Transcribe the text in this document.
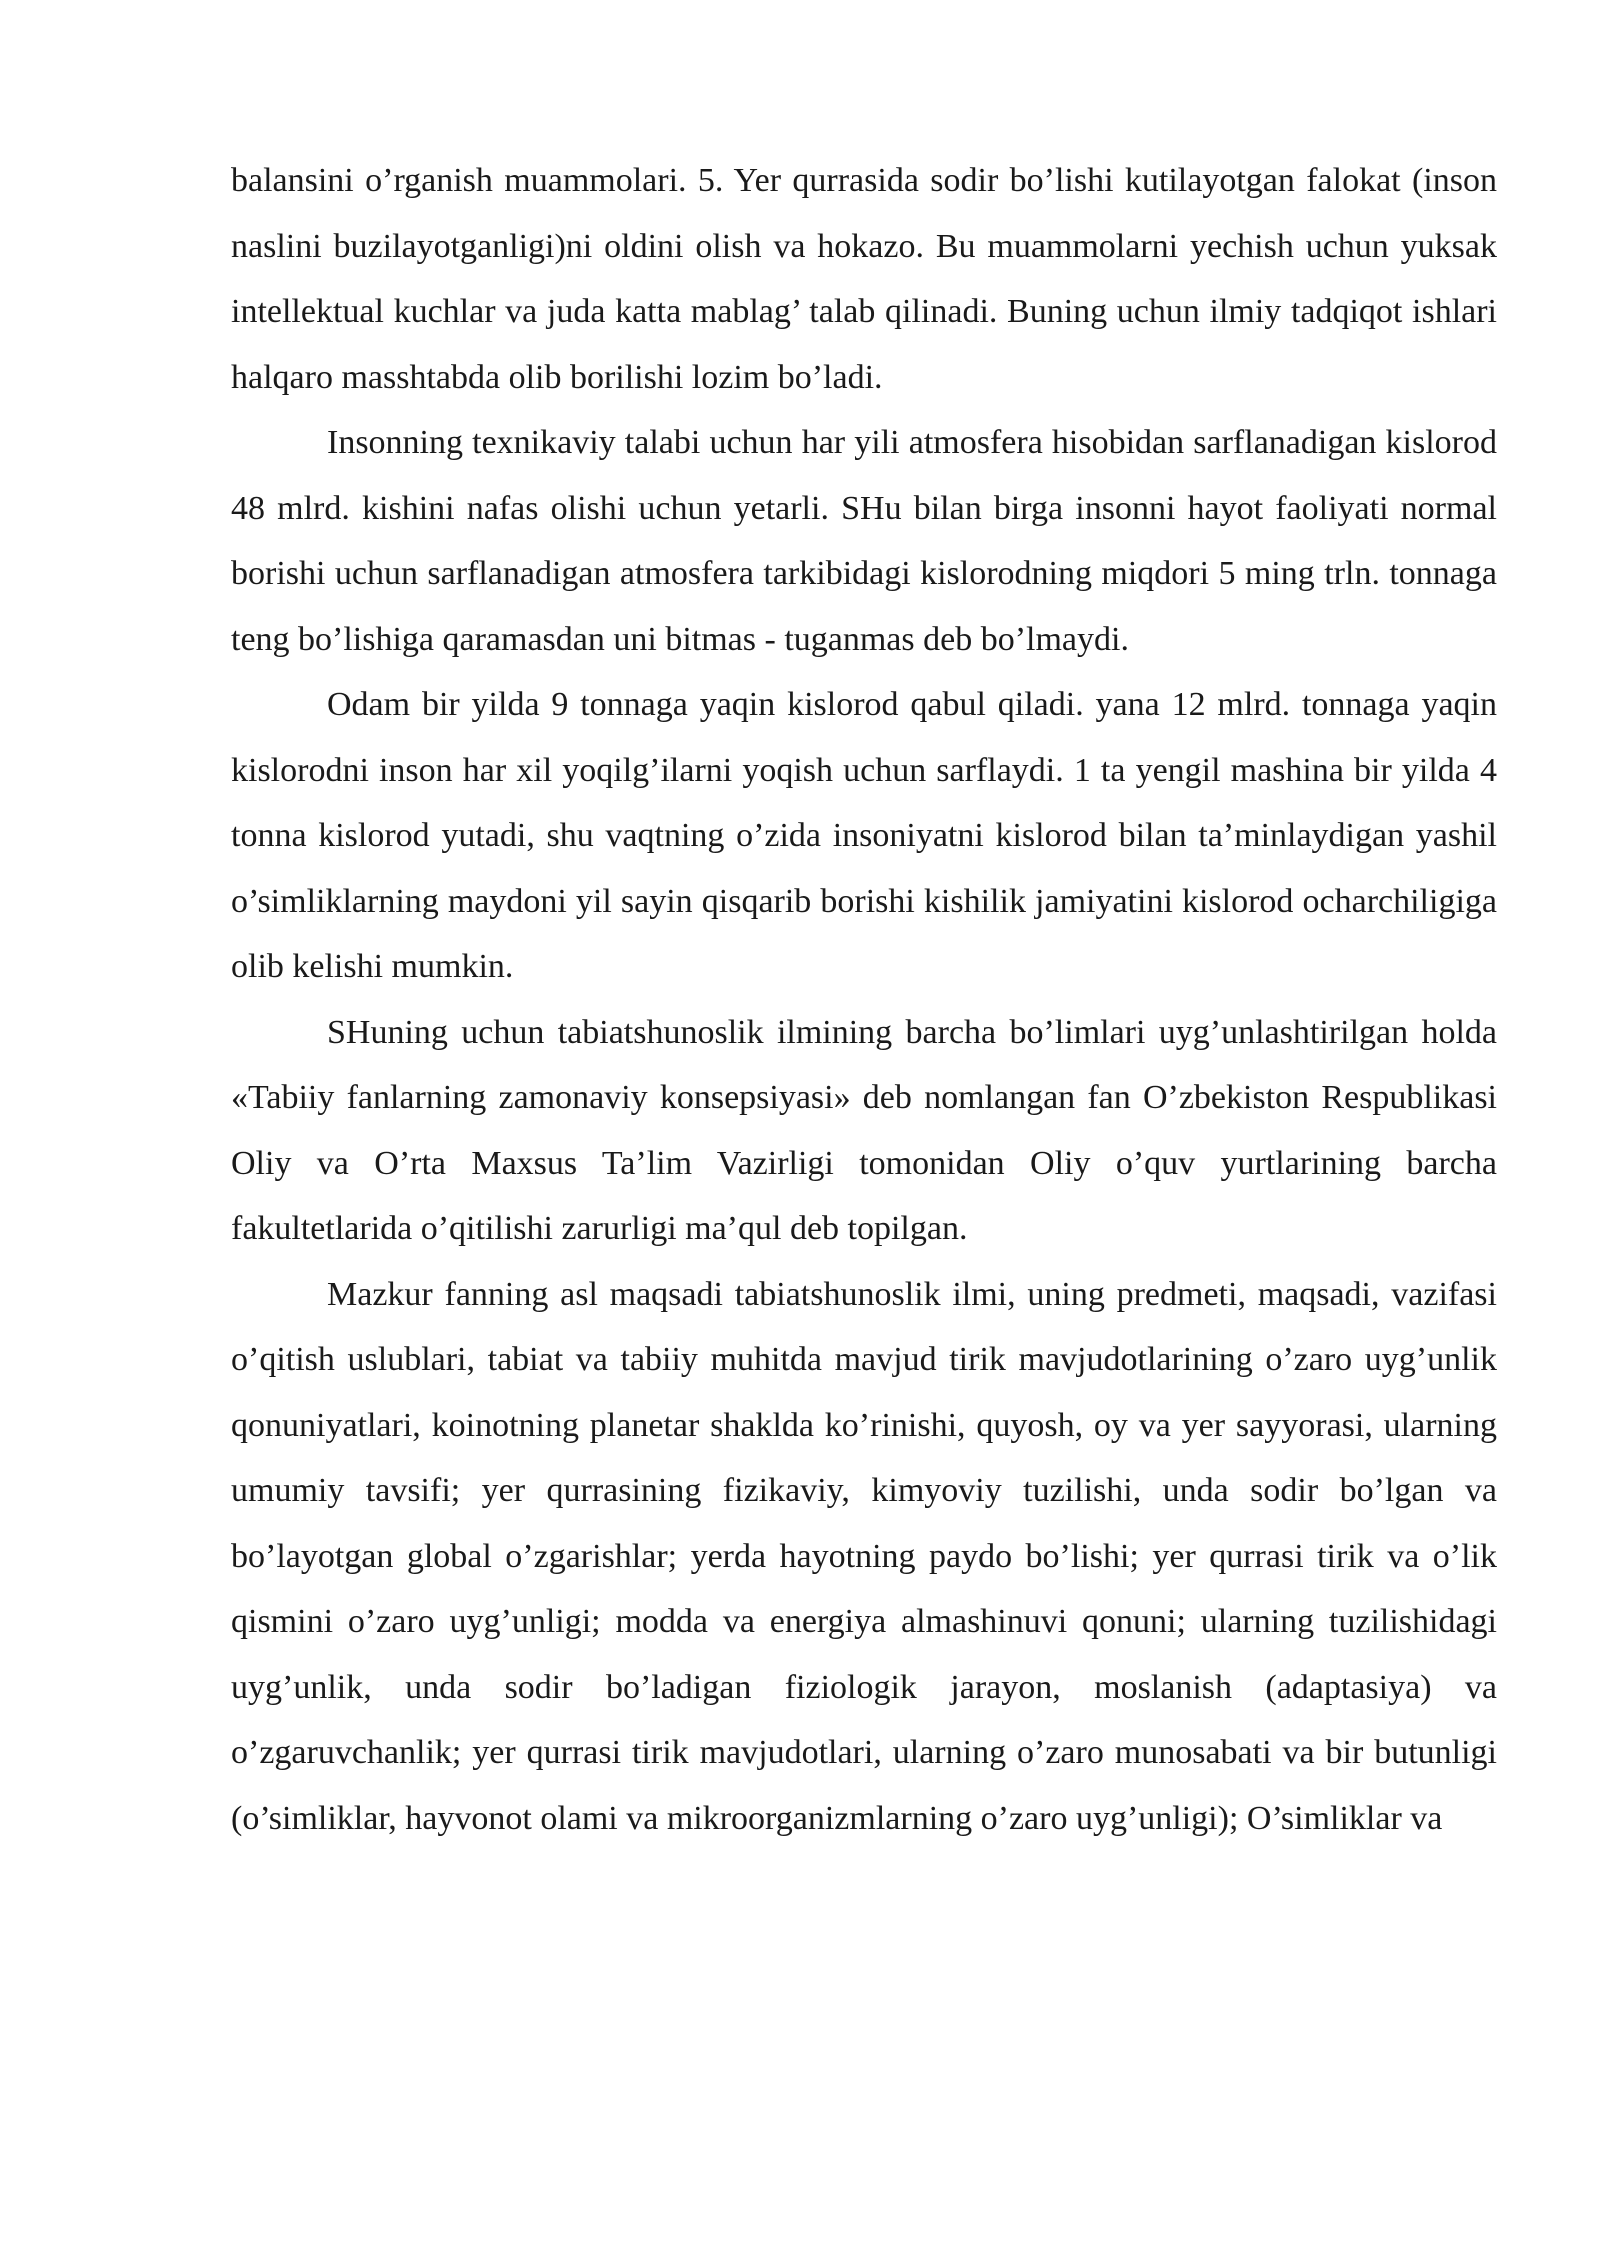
balansini o’rganish muammolari. 5. Yer qurrasida sodir bo’lishi kutilayotgan falokat (inson naslini buzilayotganligi)ni oldini olish va hokazo. Bu muammolarni yechish uchun yuksak intellektual kuchlar va juda katta mablag’ talab qilinadi. Buning uchun ilmiy tadqiqot ishlari halqaro masshtabda olib borilishi lozim bo’ladi.

Insonning texnikaviy talabi uchun har yili atmosfera hisobidan sarflanadigan kislorod 48 mlrd. kishini nafas olishi uchun yetarli. SHu bilan birga insonni hayot faoliyati normal borishi uchun sarflanadigan atmosfera tarkibidagi kislorodning miqdori 5 ming trln. tonnaga teng bo’lishiga qaramasdan uni bitmas - tuganmas deb bo’lmaydi.

Odam bir yilda 9 tonnaga yaqin kislorod qabul qiladi. yana 12 mlrd. tonnaga yaqin kislorodni inson har xil yoqilg’ilarni yoqish uchun sarflaydi. 1 ta yengil mashina bir yilda 4 tonna kislorod yutadi, shu vaqtning o’zida insoniyatni kislorod bilan ta’minlaydigan yashil o’simliklarning maydoni yil sayin qisqarib borishi kishilik jamiyatini kislorod ocharchiligiga olib kelishi mumkin.

SHuning uchun tabiatshunoslik ilmining barcha bo’limlari uyg’unlashtirilgan holda «Tabiiy fanlarning zamonaviy konsepsiyasi» deb nomlangan fan O’zbekiston Respublikasi Oliy va O’rta Maxsus Ta’lim Vazirligi tomonidan Oliy o’quv yurtlarining barcha fakultetlarida o’qitilishi zarurligi ma’qul deb topilgan.

Mazkur fanning asl maqsadi tabiatshunoslik ilmi, uning predmeti, maqsadi, vazifasi o’qitish uslublari, tabiat va tabiiy muhitda mavjud tirik mavjudotlarining o’zaro uyg’unlik qonuniyatlari, koinotning planetar shaklda ko’rinishi, quyosh, oy va yer sayyorasi, ularning umumiy tavsifi; yer qurrasining fizikaviy, kimyoviy tuzilishi, unda sodir bo’lgan va bo’layotgan global o’zgarishlar; yerda hayotning paydo bo’lishi; yer qurrasi tirik va o’lik qismini o’zaro uyg’unligi; modda va energiya almashinuvi qonuni; ularning tuzilishidagi uyg’unlik, unda sodir bo’ladigan fiziologik jarayon, moslanish (adaptasiya) va o’zgaruvchanlik; yer qurrasi tirik mavjudotlari, ularning o’zaro munosabati va bir butunligi (o’simliklar, hayvonot olami va mikroorganizmlarning o’zaro uyg’unligi); O’simliklar va
